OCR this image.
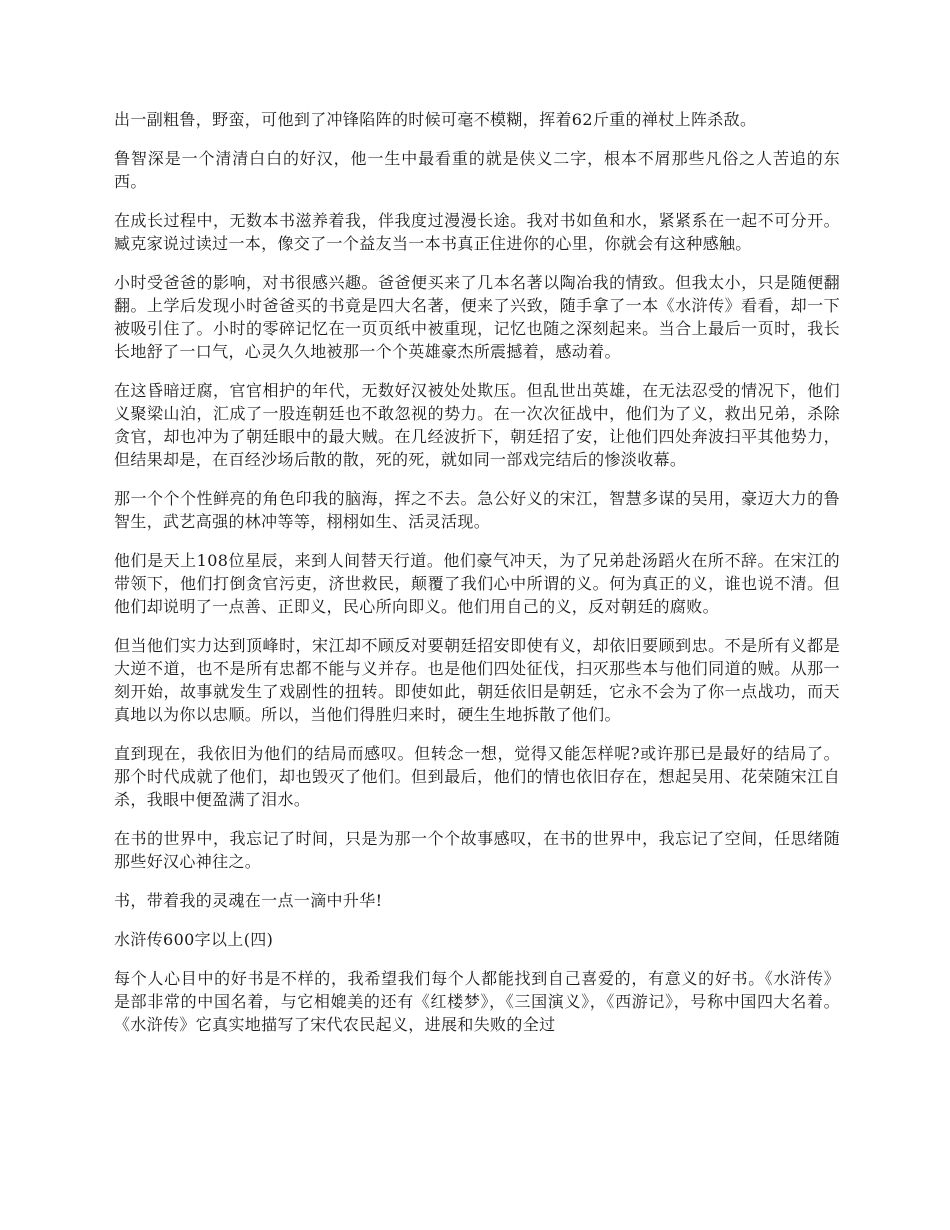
出一副粗鲁，野蛮，可他到了冲锋陷阵的时候可毫不模糊，挥着62斤重的禅杖上阵杀敌。

鲁智深是一个清清白白的好汉，他一生中最看重的就是侠义二字，根本不屑那些凡俗之人苦追的东西。

在成长过程中，无数本书滋养着我，伴我度过漫漫长途。我对书如鱼和水，紧紧系在一起不可分开。臧克家说过读过一本，像交了一个益友当一本书真正住进你的心里，你就会有这种感触。

小时受爸爸的影响，对书很感兴趣。爸爸便买来了几本名著以陶冶我的情致。但我太小，只是随便翻翻。上学后发现小时爸爸买的书竟是四大名著，便来了兴致，随手拿了一本《水浒传》看看，却一下被吸引住了。小时的零碎记忆在一页页纸中被重现，记忆也随之深刻起来。当合上最后一页时，我长长地舒了一口气，心灵久久地被那一个个英雄豪杰所震撼着，感动着。

在这昏暗迂腐，官官相护的年代，无数好汉被处处欺压。但乱世出英雄，在无法忍受的情况下，他们义聚梁山泊，汇成了一股连朝廷也不敢忽视的势力。在一次次征战中，他们为了义，救出兄弟，杀除贪官，却也冲为了朝廷眼中的最大贼。在几经波折下，朝廷招了安，让他们四处奔波扫平其他势力，但结果却是，在百经沙场后散的散，死的死，就如同一部戏完结后的惨淡收幕。

那一个个个性鲜亮的角色印我的脑海，挥之不去。急公好义的宋江，智慧多谋的吴用，豪迈大力的鲁智生，武艺高强的林冲等等，栩栩如生、活灵活现。

他们是天上108位星辰，来到人间替天行道。他们豪气冲天，为了兄弟赴汤蹈火在所不辞。在宋江的带领下，他们打倒贪官污吏，济世救民，颠覆了我们心中所谓的义。何为真正的义，谁也说不清。但他们却说明了一点善、正即义，民心所向即义。他们用自己的义，反对朝廷的腐败。

但当他们实力达到顶峰时，宋江却不顾反对要朝廷招安即使有义，却依旧要顾到忠。不是所有义都是大逆不道，也不是所有忠都不能与义并存。也是他们四处征伐，扫灭那些本与他们同道的贼。从那一刻开始，故事就发生了戏剧性的扭转。即使如此，朝廷依旧是朝廷，它永不会为了你一点战功，而天真地以为你以忠顺。所以，当他们得胜归来时，硬生生地拆散了他们。

直到现在，我依旧为他们的结局而感叹。但转念一想，觉得又能怎样呢?或许那已是最好的结局了。那个时代成就了他们，却也毁灭了他们。但到最后，他们的情也依旧存在，想起吴用、花荣随宋江自杀，我眼中便盈满了泪水。

在书的世界中，我忘记了时间，只是为那一个个故事感叹，在书的世界中，我忘记了空间，任思绪随那些好汉心神往之。

书，带着我的灵魂在一点一滴中升华!

水浒传600字以上(四)

每个人心目中的好书是不样的，我希望我们每个人都能找到自己喜爱的，有意义的好书。《水浒传》是部非常的中国名着，与它相媲美的还有《红楼梦》，《三国演义》，《西游记》，号称中国四大名着。《水浒传》它真实地描写了宋代农民起义，进展和失败的全过
